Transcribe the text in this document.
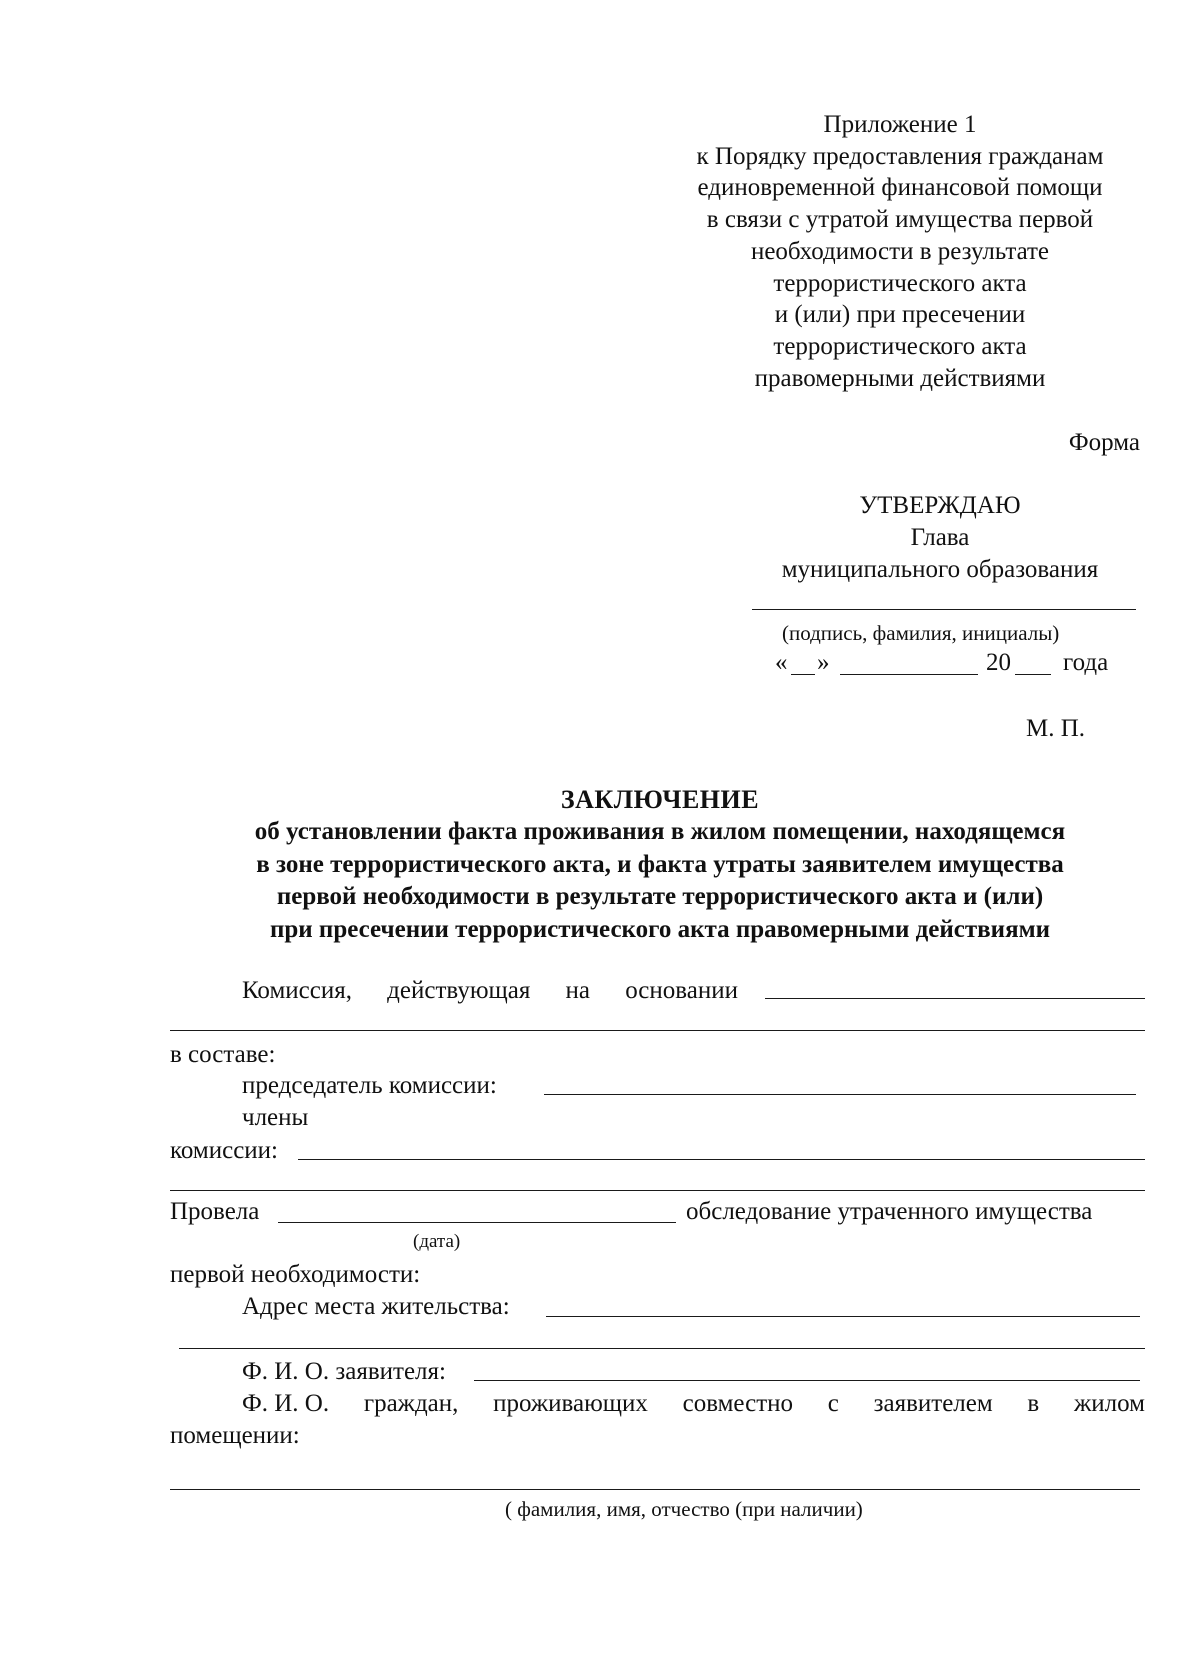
Приложение 1
к Порядку предоставления гражданам
единовременной финансовой помощи
в связи с утратой имущества первой
необходимости в результате
террористического акта
и (или) при пресечении
террористического акта
правомерными действиями
Форма
УТВЕРЖДАЮ
Глава
муниципального образования
(подпись, фамилия, инициалы)
« »	20 года
М. П.
ЗАКЛЮЧЕНИЕ
об установлении факта проживания в жилом помещении, находящемся
в зоне террористического акта, и факта утраты заявителем имущества
первой необходимости в результате террористического акта и (или)
при пресечении террористического акта правомерными действиями
Комиссия, действующая на основании
в составе:
председатель комиссии:
члены
комиссии:
Провела	обследование утраченного имущества
(дата)
первой необходимости:
Адрес места жительства:
Ф. И. О. заявителя:
Ф. И. О. граждан, проживающих совместно с заявителем в жилом
помещении:
( фамилия, имя, отчество (при наличии)
